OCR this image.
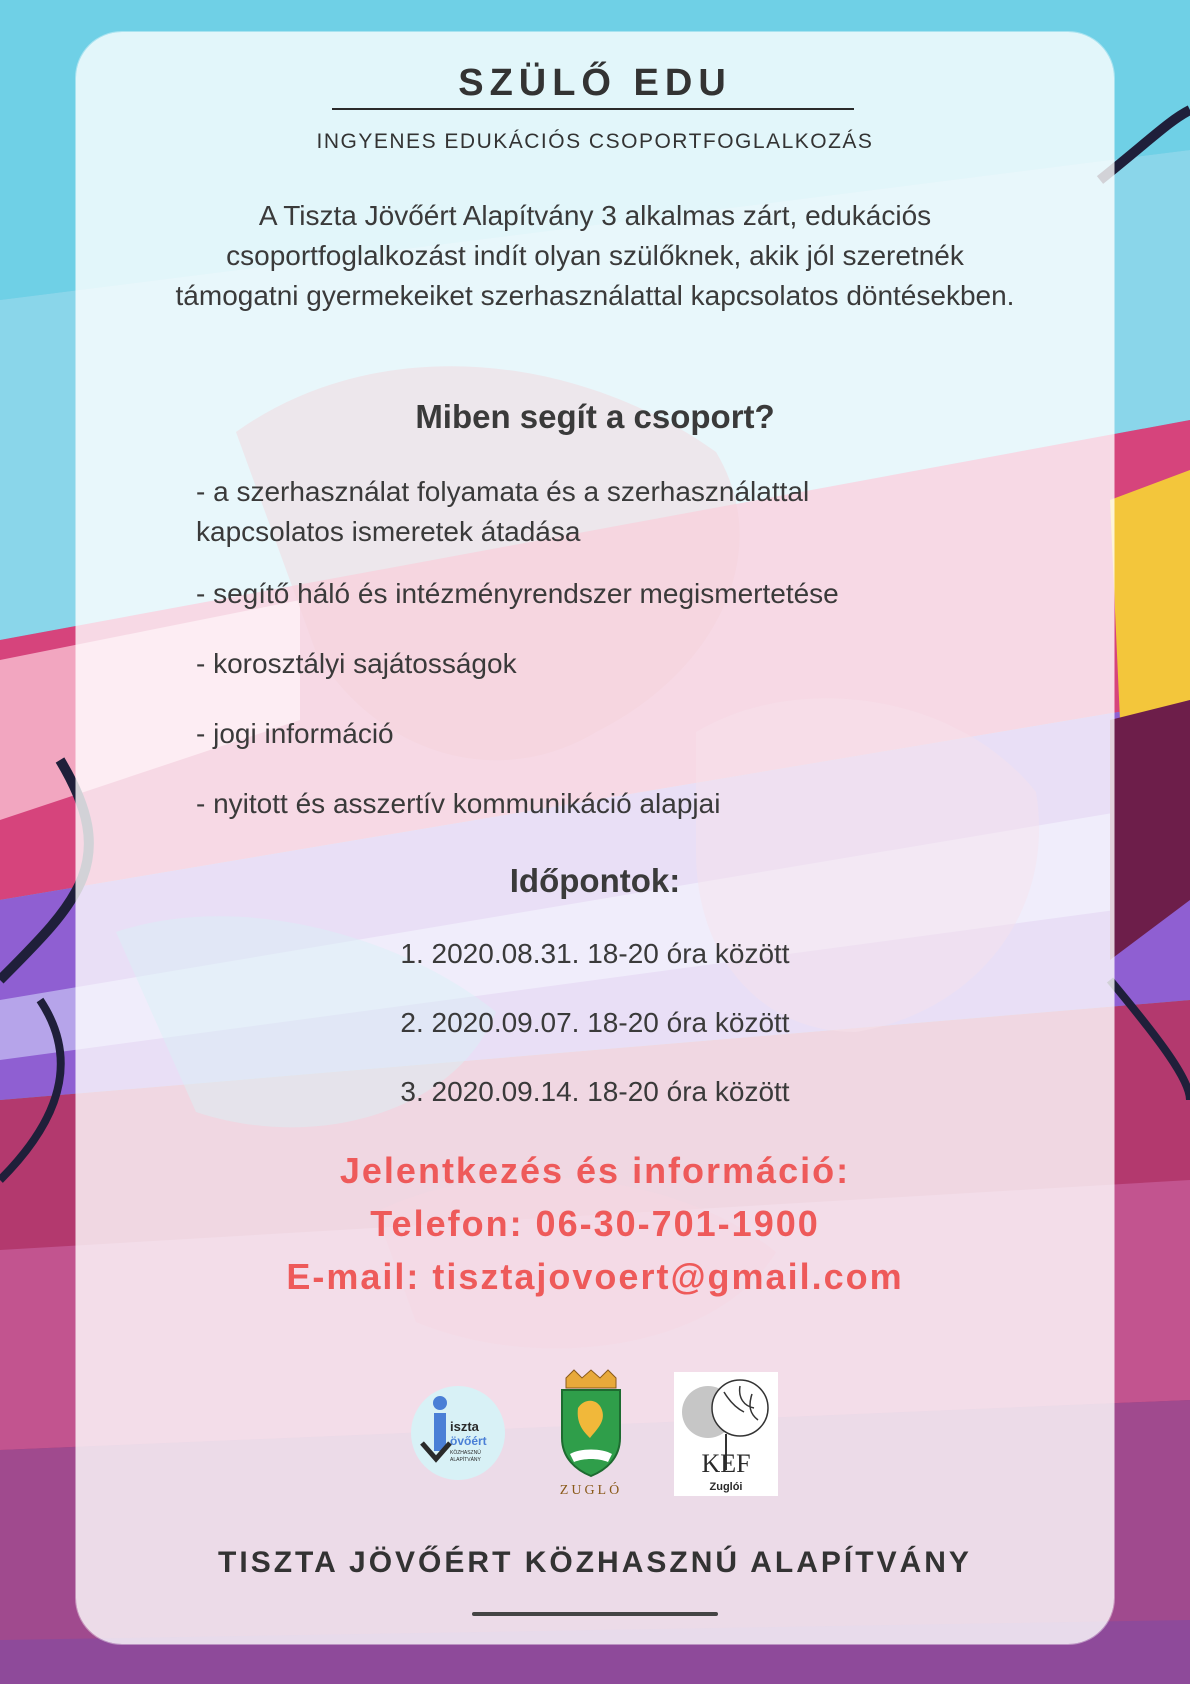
SZÜLŐ EDU
INGYENES EDUKÁCIÓS CSOPORTFOGLALKOZÁS
A Tiszta Jövőért Alapítvány 3 alkalmas zárt, edukációs csoportfoglalkozást indít olyan szülőknek, akik jól szeretnék támogatni gyermekeiket szerhasználattal kapcsolatos döntésekben.
Miben segít a csoport?
- a szerhasználat folyamata és a szerhasználattal kapcsolatos ismeretek átadása
- segítő háló és intézményrendszer megismertetése
- korosztályi sajátosságok
- jogi információ
- nyitott és asszertív kommunikáció alapjai
Időpontok:
1. 2020.08.31. 18-20 óra között
2. 2020.09.07. 18-20 óra között
3. 2020.09.14. 18-20 óra között
Jelentkezés és információ:
Telefon: 06-30-701-1900
E-mail: tisztajovoert@gmail.com
iszta
övőért
KÖZHASZNÚ
ALAPÍTVÁNY
ZUGLÓ
KEF
Zuglói
TISZTA JÖVŐÉRT KÖZHASZNÚ ALAPÍTVÁNY
